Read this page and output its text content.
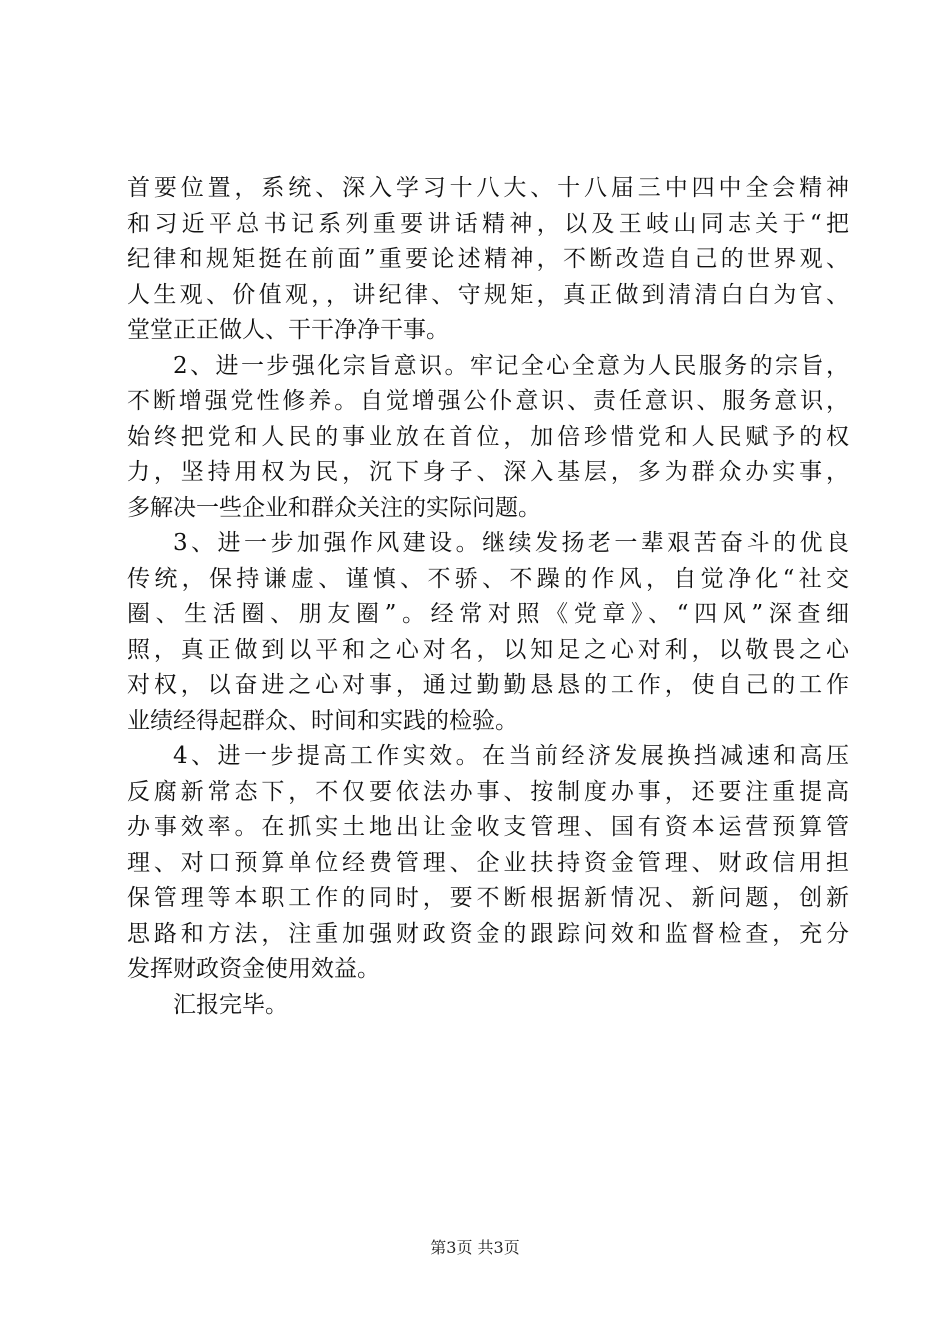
首要位置，系统、深入学习十八大、十八届三中四中全会精神
和习近平总书记系列重要讲话精神，以及王岐山同志关于“把
纪律和规矩挺在前面”重要论述精神，不断改造自己的世界观、
人生观、价值观，，讲纪律、守规矩，真正做到清清白白为官、
堂堂正正做人、干干净净干事。
2、进一步强化宗旨意识。牢记全心全意为人民服务的宗旨，
不断增强党性修养。自觉增强公仆意识、责任意识、服务意识，
始终把党和人民的事业放在首位，加倍珍惜党和人民赋予的权
力，坚持用权为民，沉下身子、深入基层，多为群众办实事，
多解决一些企业和群众关注的实际问题。
3、进一步加强作风建设。继续发扬老一辈艰苦奋斗的优良
传统，保持谦虚、谨慎、不骄、不躁的作风，自觉净化“社交
圈、生活圈、朋友圈”。经常对照《党章》、“四风”深查细
照，真正做到以平和之心对名，以知足之心对利，以敬畏之心
对权，以奋进之心对事，通过勤勤恳恳的工作，使自己的工作
业绩经得起群众、时间和实践的检验。
4、进一步提高工作实效。在当前经济发展换挡减速和高压
反腐新常态下，不仅要依法办事、按制度办事，还要注重提高
办事效率。在抓实土地出让金收支管理、国有资本运营预算管
理、对口预算单位经费管理、企业扶持资金管理、财政信用担
保管理等本职工作的同时，要不断根据新情况、新问题，创新
思路和方法，注重加强财政资金的跟踪问效和监督检查，充分
发挥财政资金使用效益。
汇报完毕。
第3页 共3页
